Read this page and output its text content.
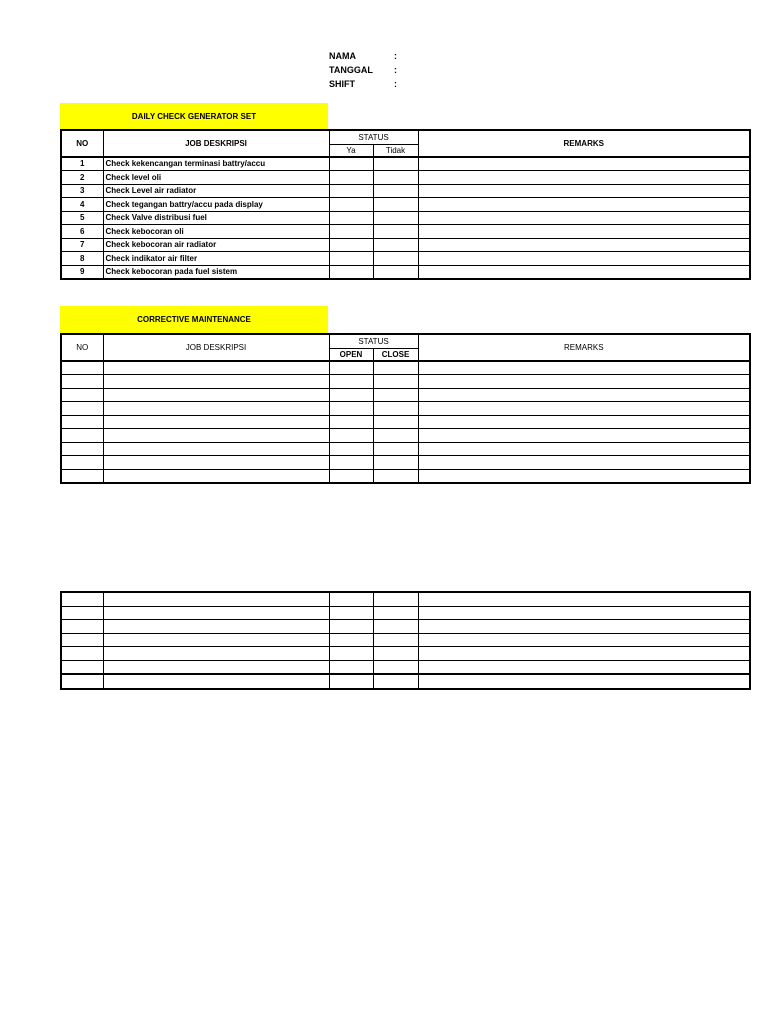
NAMA	:
TANGGAL	:
SHIFT	:
DAILY CHECK GENERATOR SET
NO	JOB DESKRIPSI	STATUS		REMARKS
		Ya	Tidak	
1	Check kekencangan terminasi battry/accu			
2	Check level oli			
3	Check Level air radiator			
4	Check tegangan battry/accu pada display			
5	Check Valve distribusi fuel			
6	Check kebocoran oli			
7	Check kebocoran air radiator			
8	Check indikator air filter			
9	Check kebocoran pada fuel sistem			
CORRECTIVE MAINTENANCE
NO	JOB DESKRIPSI	STATUS		REMARKS
		OPEN	CLOSE	
